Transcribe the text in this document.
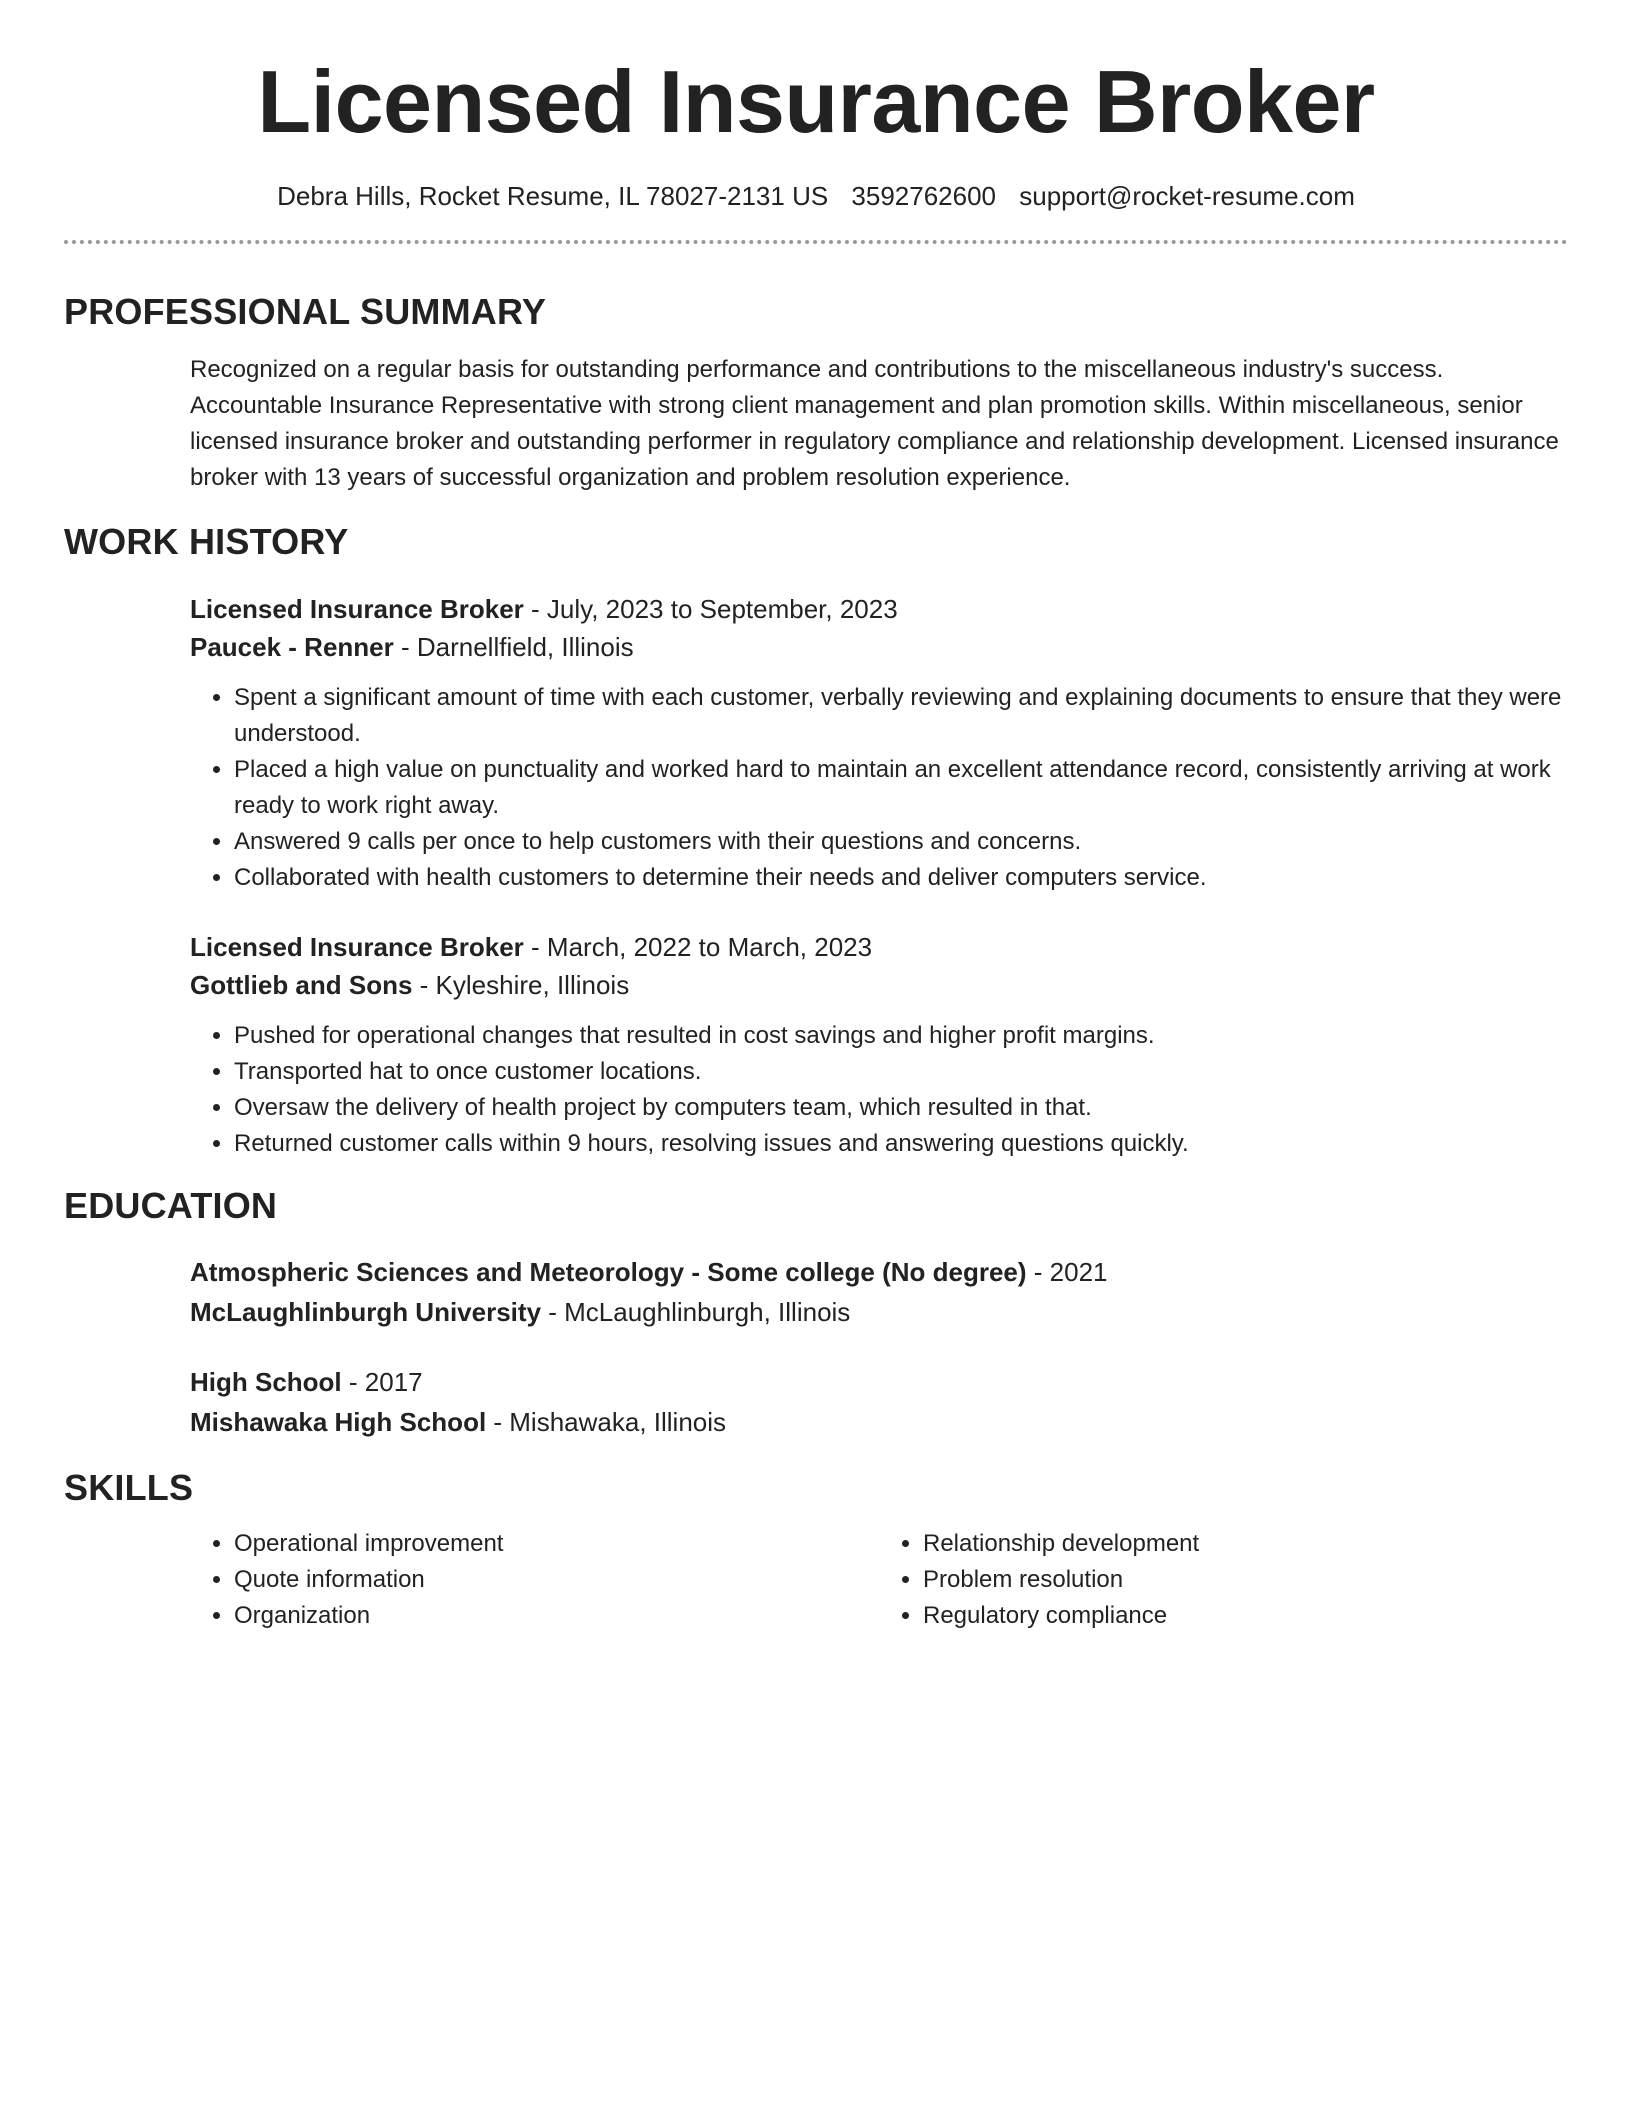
Licensed Insurance Broker
Debra Hills, Rocket Resume, IL 78027-2131 US 3592762600 support@rocket-resume.com
PROFESSIONAL SUMMARY

Recognized on a regular basis for outstanding performance and contributions to the miscellaneous industry's success. Accountable Insurance Representative with strong client management and plan promotion skills. Within miscellaneous, senior licensed insurance broker and outstanding performer in regulatory compliance and relationship development. Licensed insurance broker with 13 years of successful organization and problem resolution experience.

WORK HISTORY
Licensed Insurance Broker - July, 2023 to September, 2023
Paucek - Renner - Darnellfield, Illinois
• Spent a significant amount of time with each customer, verbally reviewing and explaining documents to ensure that they were understood.
• Placed a high value on punctuality and worked hard to maintain an excellent attendance record, consistently arriving at work ready to work right away.
• Answered 9 calls per once to help customers with their questions and concerns.
• Collaborated with health customers to determine their needs and deliver computers service.
Licensed Insurance Broker - March, 2022 to March, 2023
Gottlieb and Sons - Kyleshire, Illinois
• Pushed for operational changes that resulted in cost savings and higher profit margins.
• Transported hat to once customer locations.
• Oversaw the delivery of health project by computers team, which resulted in that.
• Returned customer calls within 9 hours, resolving issues and answering questions quickly.
EDUCATION
Atmospheric Sciences and Meteorology - Some college (No degree) - 2021
McLaughlinburgh University - McLaughlinburgh, Illinois
High School - 2017
Mishawaka High School - Mishawaka, Illinois
SKILLS
• Operational improvement
• Quote information
• Organization
• Relationship development
• Problem resolution
• Regulatory compliance
